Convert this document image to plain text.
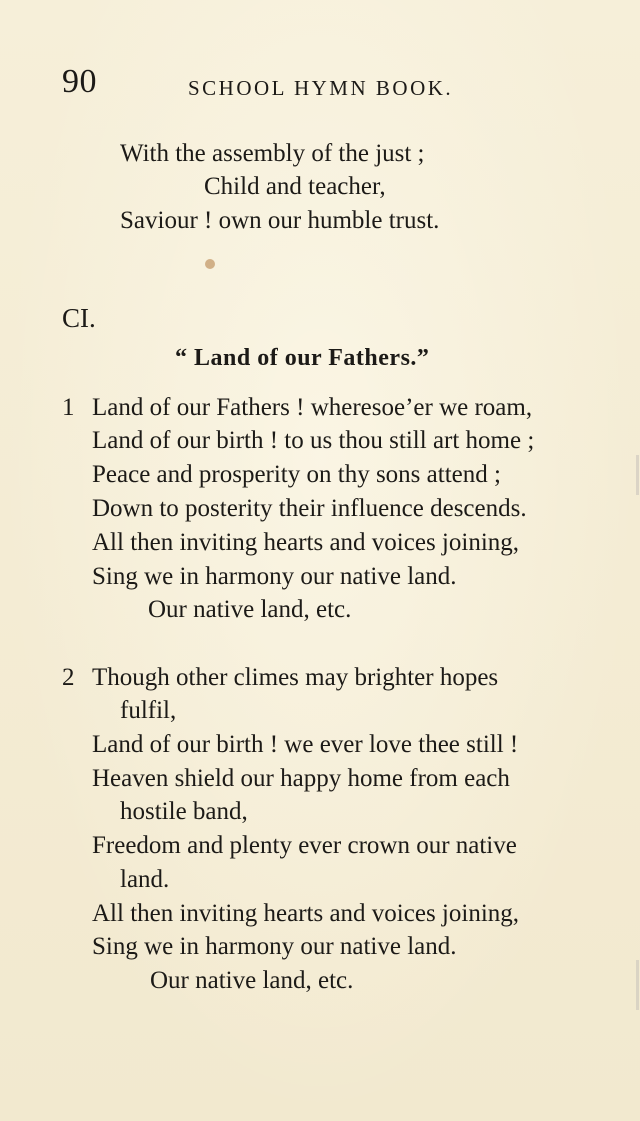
90	SCHOOL HYMN BOOK.
With the assembly of the just ;
Child and teacher,
Saviour ! own our humble trust.
CI.
“ Land of our Fathers.”
1 Land of our Fathers ! wheresoe’er we roam,
Land of our birth ! to us thou still art home ;
Peace and prosperity on thy sons attend ;
Down to posterity their influence descends.
All then inviting hearts and voices joining,
Sing we in harmony our native land.
Our native land, etc.
2 Though other climes may brighter hopes
fulfil,
Land of our birth ! we ever love thee still !
Heaven shield our happy home from each
hostile band,
Freedom and plenty ever crown our native
land.
All then inviting hearts and voices joining,
Sing we in harmony our native land.
Our native land, etc.
